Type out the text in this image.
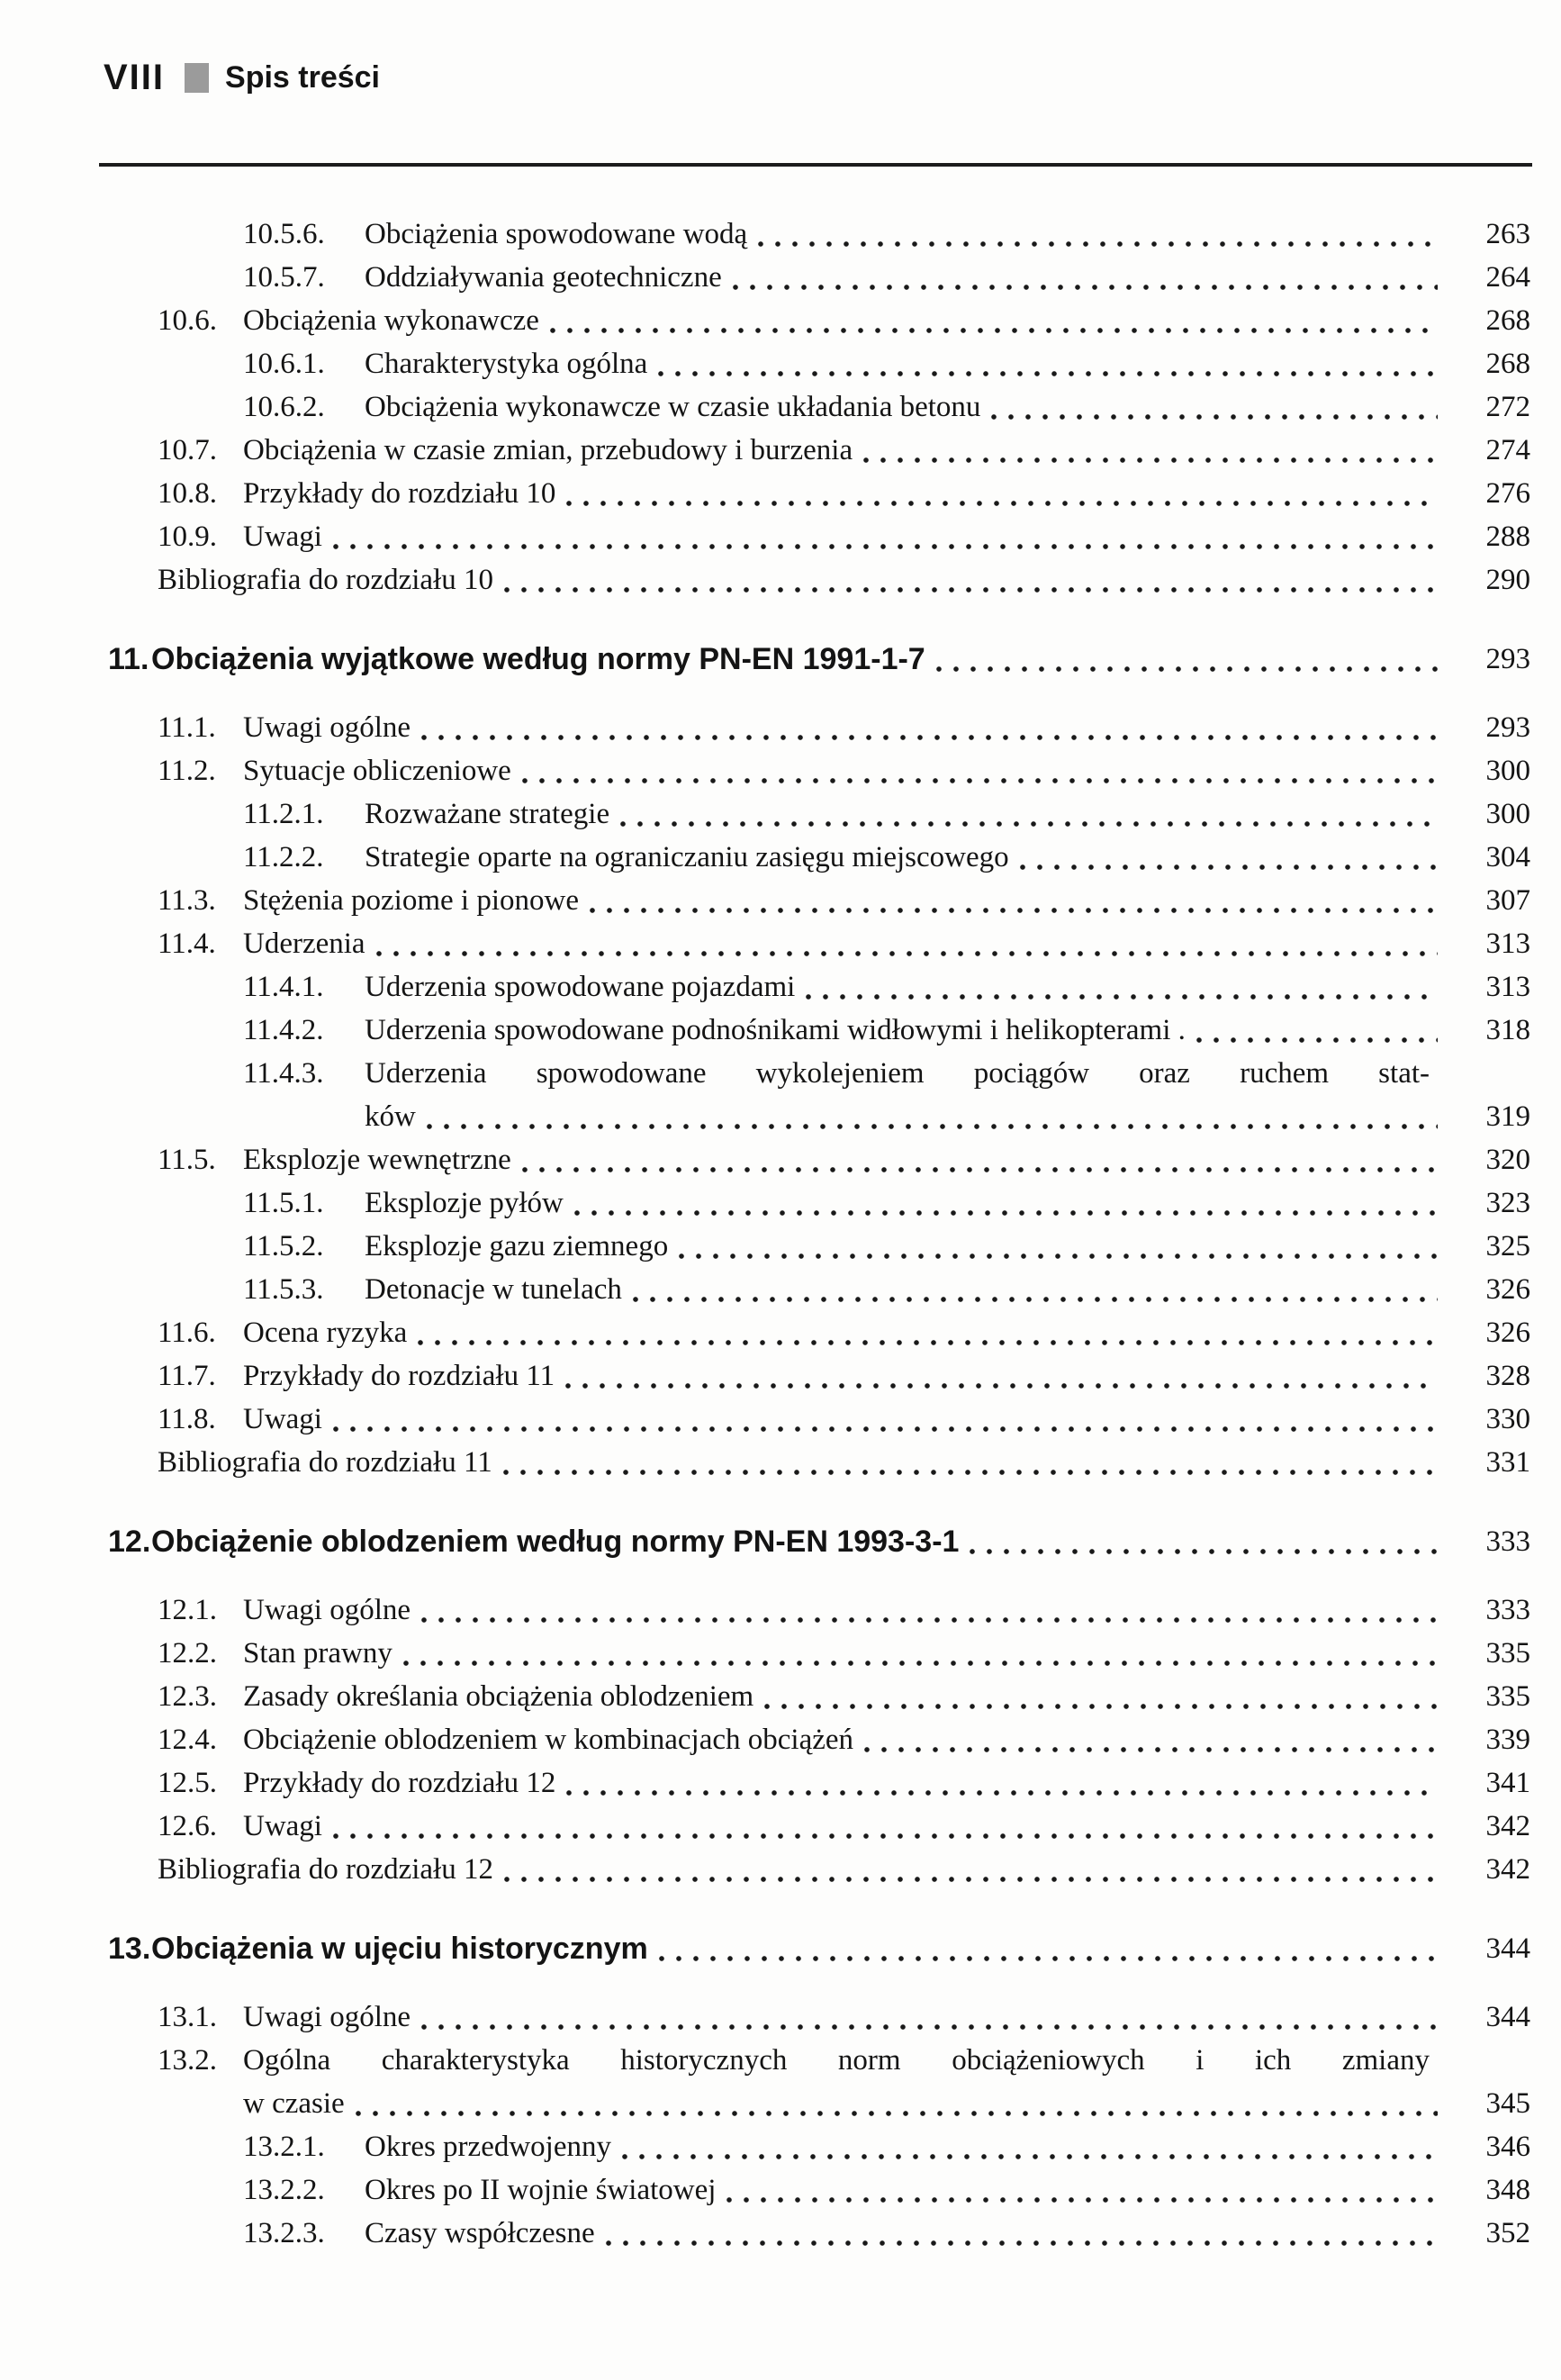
VIII Spis treści
10.5.6.	Obciążenia spowodowane wodą	263
10.5.7.	Oddziaływania geotechniczne	264
10.6. Obciążenia wykonawcze	268
10.6.1.	Charakterystyka ogólna	268
10.6.2.	Obciążenia wykonawcze w czasie układania betonu	272
10.7. Obciążenia w czasie zmian, przebudowy i burzenia	274
10.8. Przykłady do rozdziału 10	276
10.9. Uwagi	288
Bibliografia do rozdziału 10	290
11. Obciążenia wyjątkowe według normy PN-EN 1991-1-7	293
11.1. Uwagi ogólne	293
11.2. Sytuacje obliczeniowe	300
11.2.1.	Rozważane strategie	300
11.2.2.	Strategie oparte na ograniczaniu zasięgu miejscowego	304
11.3. Stężenia poziome i pionowe	307
11.4. Uderzenia	313
11.4.1.	Uderzenia spowodowane pojazdami	313
11.4.2.	Uderzenia spowodowane podnośnikami widłowymi i helikopterami .	318
11.4.3.	Uderzenia spowodowane wykolejeniem pociągów oraz ruchem stat-
ków	319
11.5. Eksplozje wewnętrzne	320
11.5.1.	Eksplozje pyłów	323
11.5.2.	Eksplozje gazu ziemnego	325
11.5.3.	Detonacje w tunelach	326
11.6. Ocena ryzyka	326
11.7. Przykłady do rozdziału 11	328
11.8. Uwagi	330
Bibliografia do rozdziału 11	331
12. Obciążenie oblodzeniem według normy PN-EN 1993-3-1	333
12.1. Uwagi ogólne	333
12.2. Stan prawny	335
12.3. Zasady określania obciążenia oblodzeniem	335
12.4. Obciążenie oblodzeniem w kombinacjach obciążeń	339
12.5. Przykłady do rozdziału 12	341
12.6. Uwagi	342
Bibliografia do rozdziału 12	342
13. Obciążenia w ujęciu historycznym	344
13.1. Uwagi ogólne	344
13.2. Ogólna charakterystyka historycznych norm obciążeniowych i ich zmiany
w czasie	345
13.2.1.	Okres przedwojenny	346
13.2.2.	Okres po II wojnie światowej	348
13.2.3.	Czasy współczesne	352
